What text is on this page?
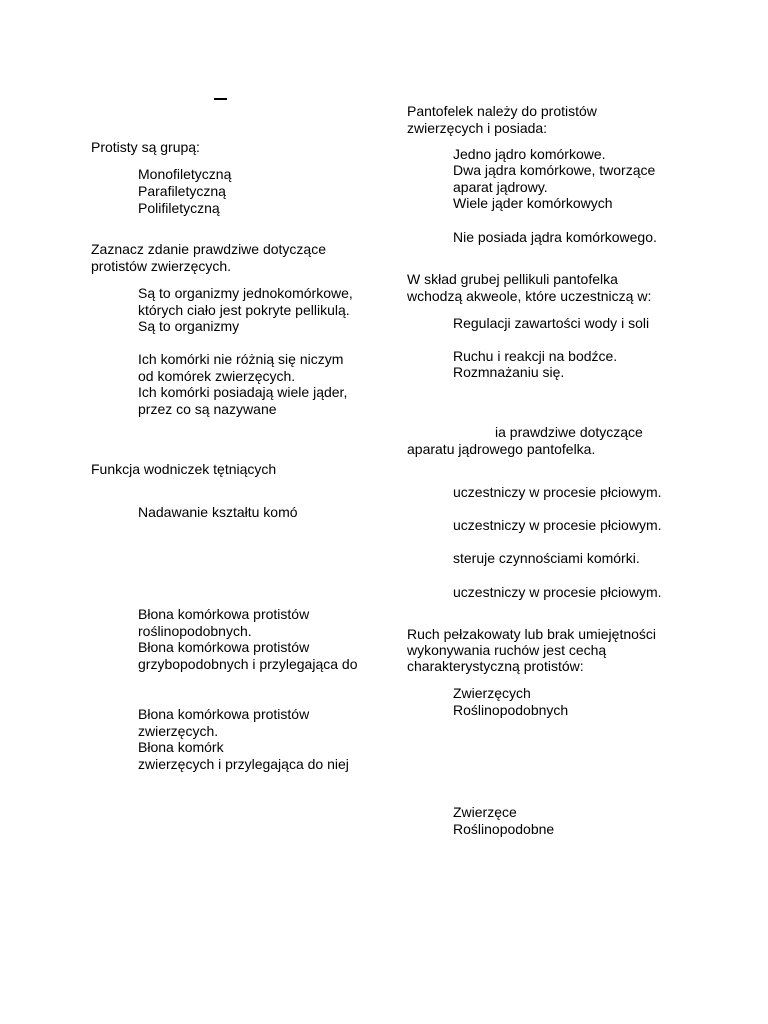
Protisty są grupą:

Monofiletyczną

Parafiletyczną

Polifiletyczną

Zaznacz zdanie prawdziwe dotyczące

protistów zwierzęcych.

Są to organizmy jednokomórkowe,

których ciało jest pokryte pellikulą.

Są to organizmy

Ich komórki nie różnią się niczym

od komórek zwierzęcych.

Ich komórki posiadają wiele jąder,

przez co są nazywane

Funkcja wodniczek tętniących

Nadawanie kształtu komó

Błona komórkowa protistów

roślinopodobnych.

Błona komórkowa protistów

grzybopodobnych i przylegająca do

Błona komórkowa protistów

zwierzęcych.

Błona komórk

zwierzęcych i przylegająca do niej

Pantofelek należy do protistów

zwierzęcych i posiada:

Jedno jądro komórkowe.

Dwa jądra komórkowe, tworzące

aparat jądrowy.

Wiele jąder komórkowych

Nie posiada jądra komórkowego.

W skład grubej pellikuli pantofelka

wchodzą akweole, które uczestniczą w:

Regulacji zawartości wody i soli

Ruchu i reakcji na bodźce.

Rozmnażaniu się.

ia prawdziwe dotyczące

aparatu jądrowego pantofelka.

uczestniczy w procesie płciowym.

uczestniczy w procesie płciowym.

steruje czynnościami komórki.

uczestniczy w procesie płciowym.

Ruch pełzakowaty lub brak umiejętności

wykonywania ruchów jest cechą

charakterystyczną protistów:

Zwierzęcych

Roślinopodobnych

Zwierzęce

Roślinopodobne
